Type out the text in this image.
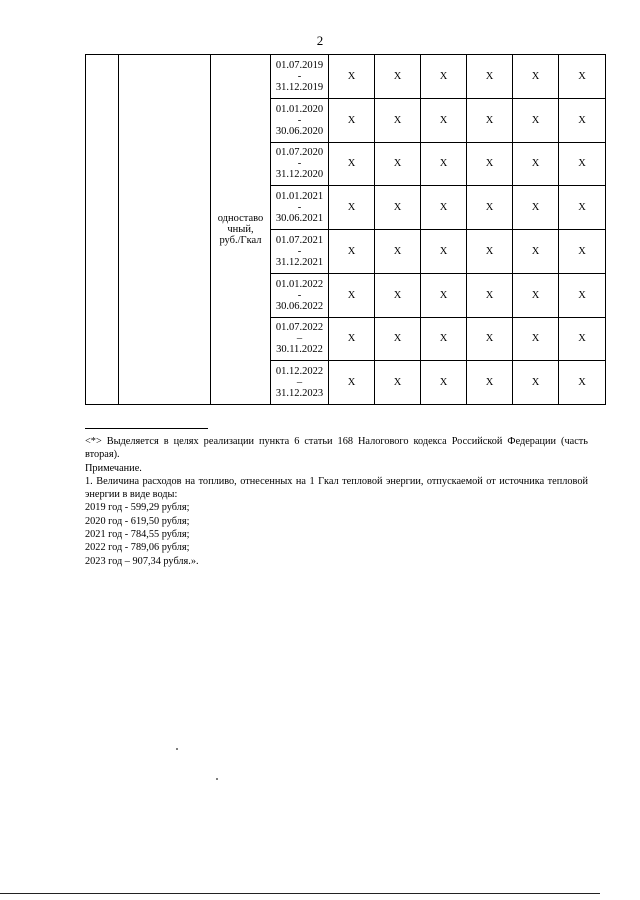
2

		одноставо
чный,
руб./Гкал	01.07.2019
-
31.12.2019	Х	Х	Х	Х	Х	Х

			01.01.2020
-
30.06.2020	Х	Х	Х	Х	Х	Х

			01.07.2020
-
31.12.2020	Х	Х	Х	Х	Х	Х

			01.01.2021
-
30.06.2021	Х	Х	Х	Х	Х	Х

			01.07.2021
-
31.12.2021	Х	Х	Х	Х	Х	Х

			01.01.2022
-
30.06.2022	Х	Х	Х	Х	Х	Х

			01.07.2022
–
30.11.2022	Х	Х	Х	Х	Х	Х

			01.12.2022
–
31.12.2023	Х	Х	Х	Х	Х	Х

<*> Выделяется в целях реализации пункта 6 статьи 168 Налогового кодекса Российской Федерации (часть вторая).

Примечание.

1. Величина расходов на топливо, отнесенных на 1 Гкал тепловой энергии, отпускаемой от источника тепловой энергии в виде воды:

2019 год - 599,29 рубля;

2020 год - 619,50 рубля;

2021 год - 784,55 рубля;

2022 год - 789,06 рубля;

2023 год – 907,34 рубля.».
